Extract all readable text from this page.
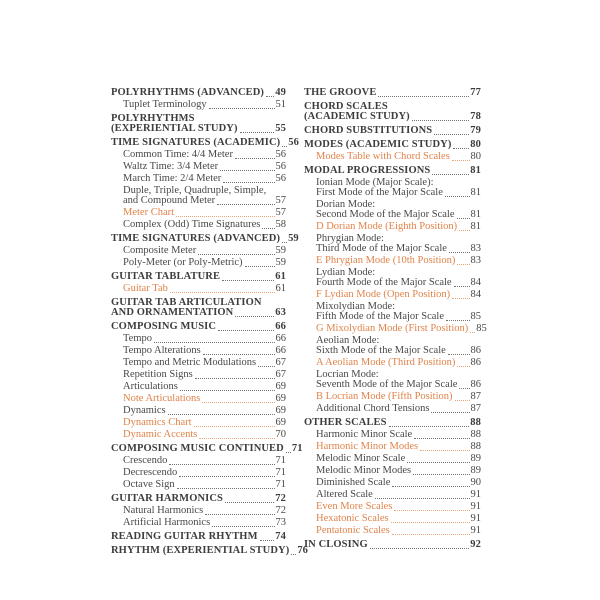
POLYRHYTHMS (ADVANCED) 49
Tuplet Terminology	51
POLYRHYTHMS
(EXPERIENTIAL STUDY)	55
TIME SIGNATURES (ACADEMIC) 56
Common Time: 4/4 Meter	56
Waltz Time: 3/4 Meter	56
March Time: 2/4 Meter	56
Duple, Triple, Quadruple, Simple,
and Compound Meter	57
Meter Chart	57
Complex (Odd) Time Signatures 58
TIME SIGNATURES (ADVANCED) 59
Composite Meter	59
Poly-Meter (or Poly-Metric)	59
GUITAR TABLATURE	61
Guitar Tab	61
GUITAR TAB ARTICULATION
AND ORNAMENTATION	63
COMPOSING MUSIC	66
Tempo	66
Tempo Alterations	66
Tempo and Metric Modulations 67
Repetition Signs	67
Articulations	69
Note Articulations	69
Dynamics	69
Dynamics Chart	69
Dynamic Accents	70
COMPOSING MUSIC CONTINUED 71
Crescendo	71
Decrescendo	71
Octave Sign	71
GUITAR HARMONICS	72
Natural Harmonics	72
Artificial Harmonics	73
READING GUITAR RHYTHM 74
RHYTHM (EXPERIENTIAL STUDY) 76
THE GROOVE	77
CHORD SCALES
(ACADEMIC STUDY)	78
CHORD SUBSTITUTIONS	79
MODES (ACADEMIC STUDY) 80
Modes Table with Chord Scales 80
MODAL PROGRESSIONS	81
Ionian Mode (Major Scale):
First Mode of the Major Scale	81
Dorian Mode:
Second Mode of the Major Scale 81
D Dorian Mode (Eighth Position) 81
Phrygian Mode:
Third Mode of the Major Scale 83
E Phrygian Mode (10th Position) 83
Lydian Mode:
Fourth Mode of the Major Scale 84
F Lydian Mode (Open Position) 84
Mixolydian Mode:
Fifth Mode of the Major Scale	85
G Mixolydian Mode (First Position) 85
Aeolian Mode:
Sixth Mode of the Major Scale 86
A Aeolian Mode (Third Position) 86
Locrian Mode:
Seventh Mode of the Major Scale 86
B Locrian Mode (Fifth Position) 87
Additional Chord Tensions	87
OTHER SCALES	88
Harmonic Minor Scale	88
Harmonic Minor Modes	88
Melodic Minor Scale	89
Melodic Minor Modes	89
Diminished Scale	90
Altered Scale	91
Even More Scales	91
Hexatonic Scales	91
Pentatonic Scales	91
IN CLOSING	92
